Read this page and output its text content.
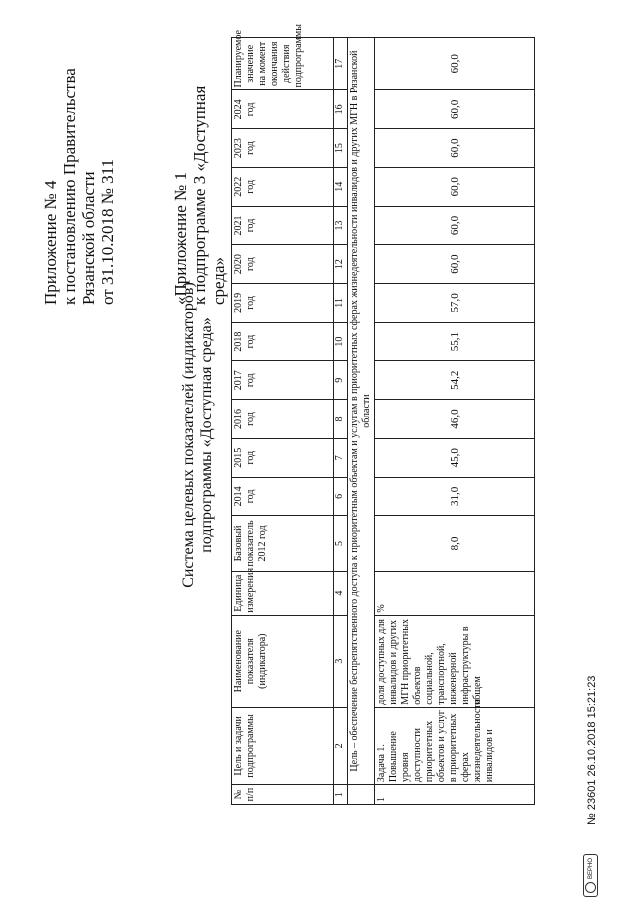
Приложение № 4
к постановлению Правительства
Рязанской области
от 31.10.2018 № 311

«Приложение № 1
к подпрограмме 3 «Доступная
среда»

Система целевых показателей (индикаторов) подпрограммы «Доступная среда»
№ п/п	Цель и задачи подпрограммы	Наименование показателя (индикатора)	Единица измерения	Базовый показатель 2012 год	2014 год	2015 год	2016 год	2017 год	2018 год	2019 год	2020 год	2021 год	2022 год	2023 год	2024 год	Планируемое значение на момент окончания действия подпрограммы
1	2	3	4	5	6	7	8	9	10	11	12	13	14	15	16	17
	Цель – обеспечение беспрепятственного доступа к приоритетным объектам и услугам в приоритетных сферах жизнедеятельности инвалидов и других МГН в Рязанской области															
1	Задача 1. Повышение уровня доступности приоритетных объектов и услуг в приоритетных сферах жизнедеятельности инвалидов и	доля доступных для инвалидов и других МГН приоритетных объектов социальной, транспортной, инженерной инфраструктуры в общем	%	8,0	31,0	45,0	46,0	54,2	55,1	57,0	60,0	60,0	60,0	60,0	60,0	60,0
ВЕРНО
№ 23601 26.10.2018 15:21:23
